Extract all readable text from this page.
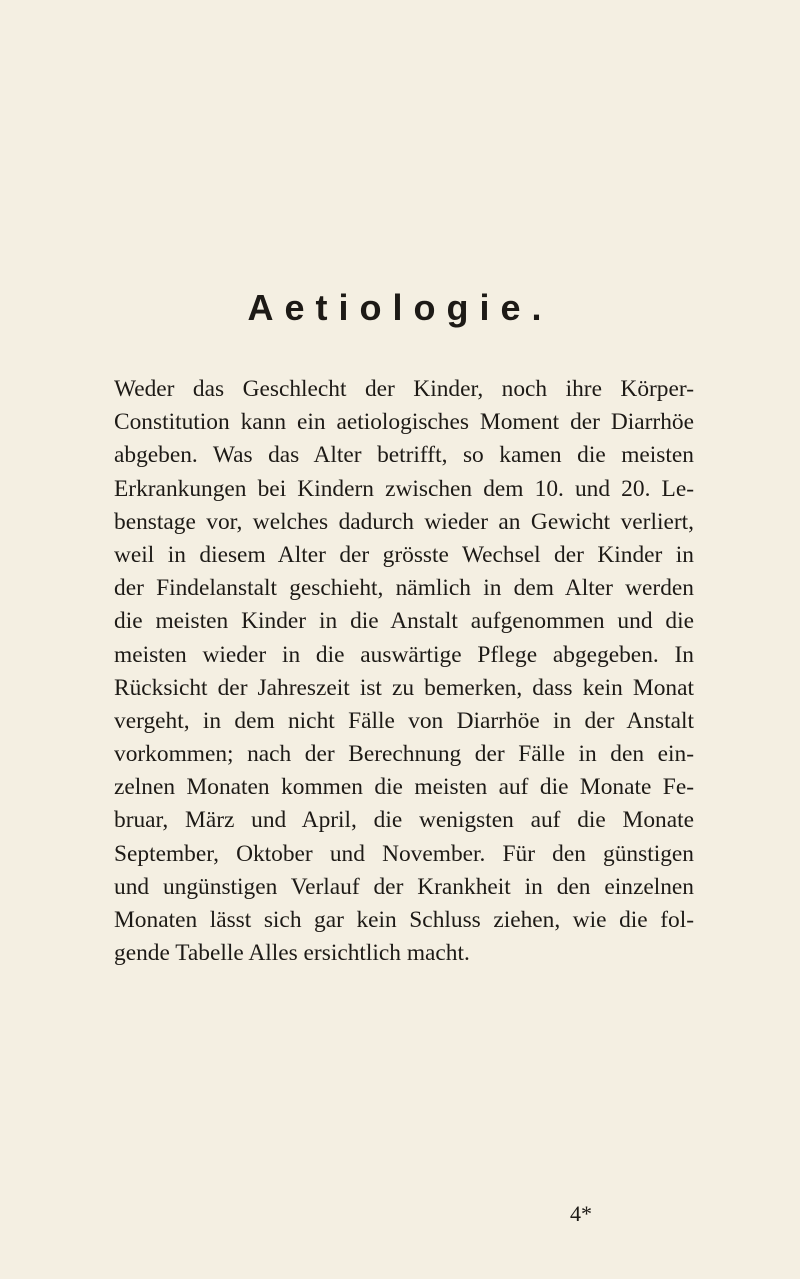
Aetiologie.
Weder das Geschlecht der Kinder, noch ihre Körper-
Constitution kann ein aetiologisches Moment der Diarrhöe
abgeben. Was das Alter betrifft, so kamen die meisten
Erkrankungen bei Kindern zwischen dem 10. und 20. Le-
benstage vor, welches dadurch wieder an Gewicht verliert,
weil in diesem Alter der grösste Wechsel der Kinder in
der Findelanstalt geschieht, nämlich in dem Alter werden
die meisten Kinder in die Anstalt aufgenommen und die
meisten wieder in die auswärtige Pflege abgegeben. In
Rücksicht der Jahreszeit ist zu bemerken, dass kein Monat
vergeht, in dem nicht Fälle von Diarrhöe in der Anstalt
vorkommen; nach der Berechnung der Fälle in den ein-
zelnen Monaten kommen die meisten auf die Monate Fe-
bruar, März und April, die wenigsten auf die Monate
September, Oktober und November. Für den günstigen
und ungünstigen Verlauf der Krankheit in den einzelnen
Monaten lässt sich gar kein Schluss ziehen, wie die fol-
gende Tabelle Alles ersichtlich macht.

4*
